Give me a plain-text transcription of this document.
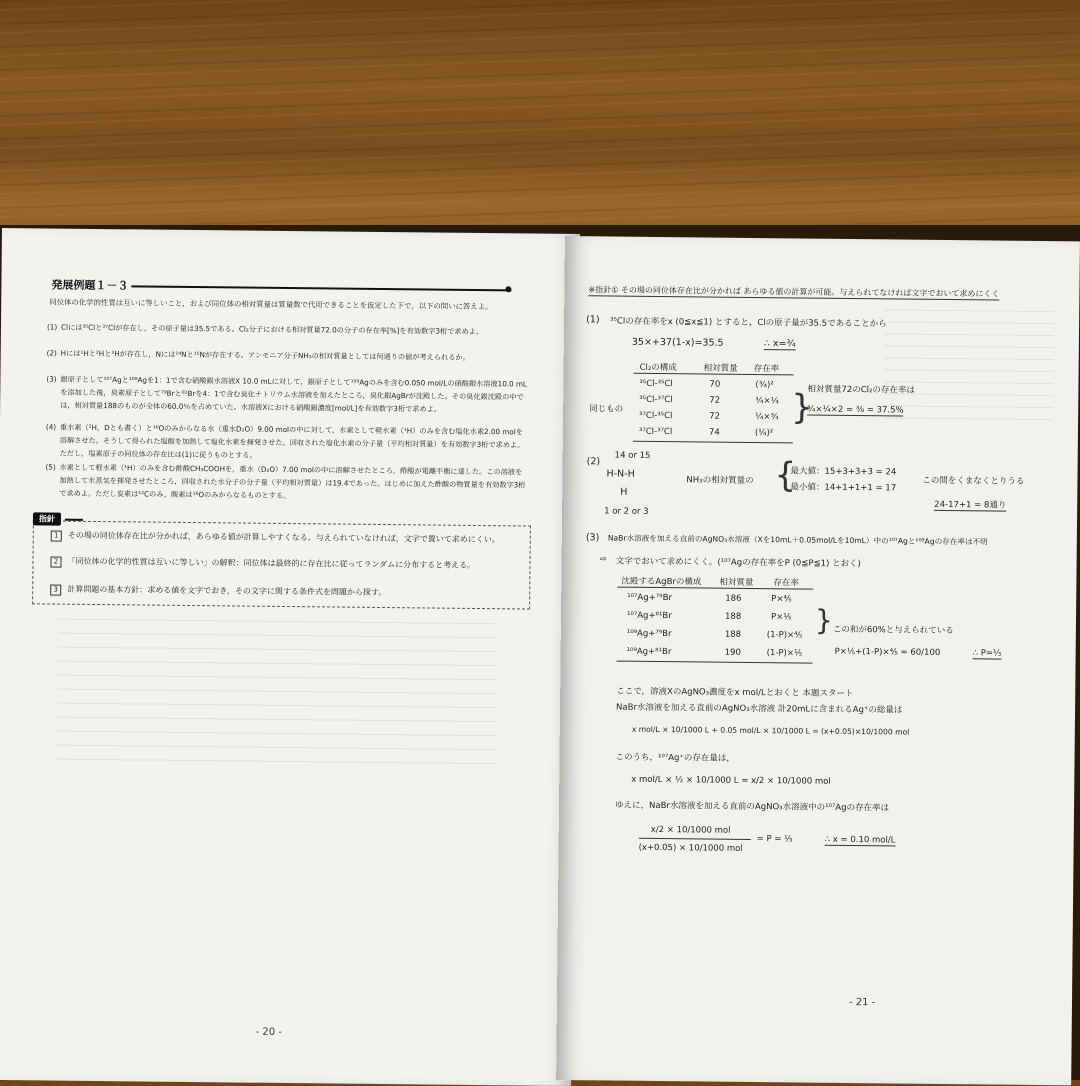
発展例題１－３
同位体の化学的性質は互いに等しいこと，および同位体の相対質量は質量数で代用できることを仮定した下で，以下の問いに答えよ。
(1) Clには³⁵Clと³⁷Clが存在し，その原子量は35.5である。Cl₂分子における相対質量72.0の分子の存在率[%]を有効数字3桁で求めよ。
(2) Hには¹Hと²Hと³Hが存在し，Nには¹⁴Nと¹⁵Nが存在する。アンモニア分子NH₃の相対質量としては何通りの値が考えられるか。
(3) 銀原子として¹⁰⁷Agと¹⁰⁹Agを1：1で含む硝酸銀水溶液X 10.0 mLに対して，銀原子として¹⁰⁹Agのみを含む0.050 mol/Lの硝酸銀水溶液10.0 mLを添加した後，臭素原子として⁷⁹Brと⁸¹Brを4：1で含む臭化ナトリウム水溶液を加えたところ，臭化銀AgBrが沈殿した。その臭化銀沈殿の中では，相対質量188のものが全体の60.0％を占めていた。水溶液Xにおける硝酸銀濃度[mol/L]を有効数字3桁で求めよ。
(4) 重水素（²H，Dとも書く）と¹⁶Oのみからなる水（重水D₂O）9.00 molの中に対して，水素として軽水素（¹H）のみを含む塩化水素2.00 molを溶解させた。そうして得られた塩酸を加熱して塩化水素を揮発させた。回収された塩化水素の分子量（平均相対質量）を有効数字3桁で求めよ。ただし，塩素原子の同位体の存在比は(1)に従うものとする。
(5) 水素として軽水素（¹H）のみを含む酢酸CH₃COOHを，重水（D₂O）7.00 molの中に溶解させたところ，酢酸が電離平衡に達した。この溶液を加熱して水蒸気を揮発させたところ，回収された水分子の分子量（平均相対質量）は19.4であった。はじめに加えた酢酸の物質量を有効数字3桁で求めよ。ただし炭素は¹²Cのみ，酸素は¹⁶Oのみからなるものとする。
指針
1 その場の同位体存在比が分かれば，あらゆる値が計算しやすくなる。与えられていなければ，文字で置いて求めにくい。
2 「同位体の化学的性質は互いに等しい」の解釈：同位体は最終的に存在比に従ってランダムに分布すると考える。
3 計算問題の基本方針：求める値を文字でおき，その文字に関する条件式を問題から探す。
- 20 -
※指針① その場の同位体存在比が分かれば あらゆる値の計算が可能。与えられてなければ文字でおいて求めにくく
(1) ³⁵Clの存在率をx (0≦x≦1) とすると，Clの原子量が35.5であることから
35×+37(1-x)=35.5	∴ x=¾
Cl₂の構成	相対質量 存在率
³⁵Cl-³⁵Cl	70	(¾)²
³⁵Cl-³⁷Cl	72	¾×¼
³⁷Cl-³⁵Cl	72	¼×¾
³⁷Cl-³⁷Cl	74	(¼)²
同じもの	}
相対質量72のCl₂の存在率は
¾×¼×2 = ⅜ = 37.5%
(2)
14 or 15
H-N-H
H
1 or 2 or 3
NH₃の相対質量の {
最大値：15+3+3+3 = 24
最小値：14+1+1+1 = 17
この間をくまなくとりうる
24-17+1 = 8通り
(3) NaBr水溶液を加える直前のAgNO₃水溶液（Xを10mL＋0.05mol/Lを10mL）中の¹⁰⁷Agと¹⁰⁹Agの存在率は不明
⇨ 文字でおいて求めにくく。(¹⁰⁷Agの存在率をP (0≦P≦1) とおく)
沈殿するAgBrの構成 相対質量 存在率
¹⁰⁷Ag+⁷⁹Br	186	P×⅘
¹⁰⁷Ag+⁸¹Br	188	P×⅕
¹⁰⁹Ag+⁷⁹Br	188	(1-P)×⅘
¹⁰⁹Ag+⁸¹Br	190	(1-P)×⅕
} この和が60%と与えられている
P×⅕+(1-P)×⅘ = 60/100	∴ P=⅓
ここで，溶液XのAgNO₃濃度をx mol/Lとおくと 本題スタート
NaBr水溶液を加える直前のAgNO₃水溶液 計20mLに含まれるAg⁺の総量は
x mol/L × 10/1000 L + 0.05 mol/L × 10/1000 L = (x+0.05)×10/1000 mol
このうち，¹⁰⁷Ag⁺の存在量は，
x mol/L × ½ × 10/1000 L = x/2 × 10/1000 mol
ゆえに，NaBr水溶液を加える直前のAgNO₃水溶液中の¹⁰⁷Agの存在率は
x/2 × 10/1000 mol
(x+0.05) × 10/1000 mol
= P = ⅓	∴ x = 0.10 mol/L
- 21 -
